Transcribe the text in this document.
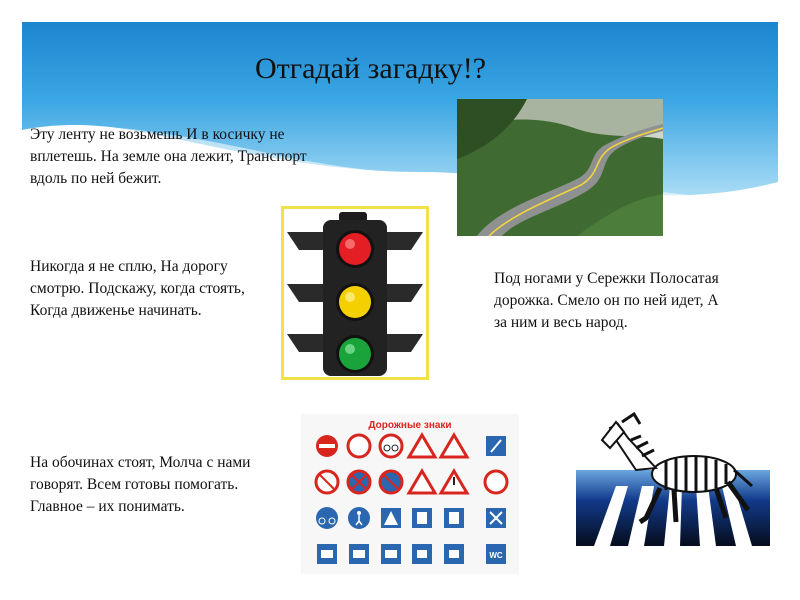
Отгадай загадку!?
Эту ленту не возьмешь И в косичку не вплетешь. На земле она лежит, Транспорт вдоль по ней бежит.
Никогда я не сплю, На дорогу смотрю. Подскажу, когда стоять, Когда движенье начинать.
Под ногами у Сережки Полосатая дорожка. Смело он по ней идет, А за ним и весь народ.
На обочинах стоят, Молча с нами говорят. Всем готовы помогать. Главное – их понимать.
Дорожные знаки
WC
